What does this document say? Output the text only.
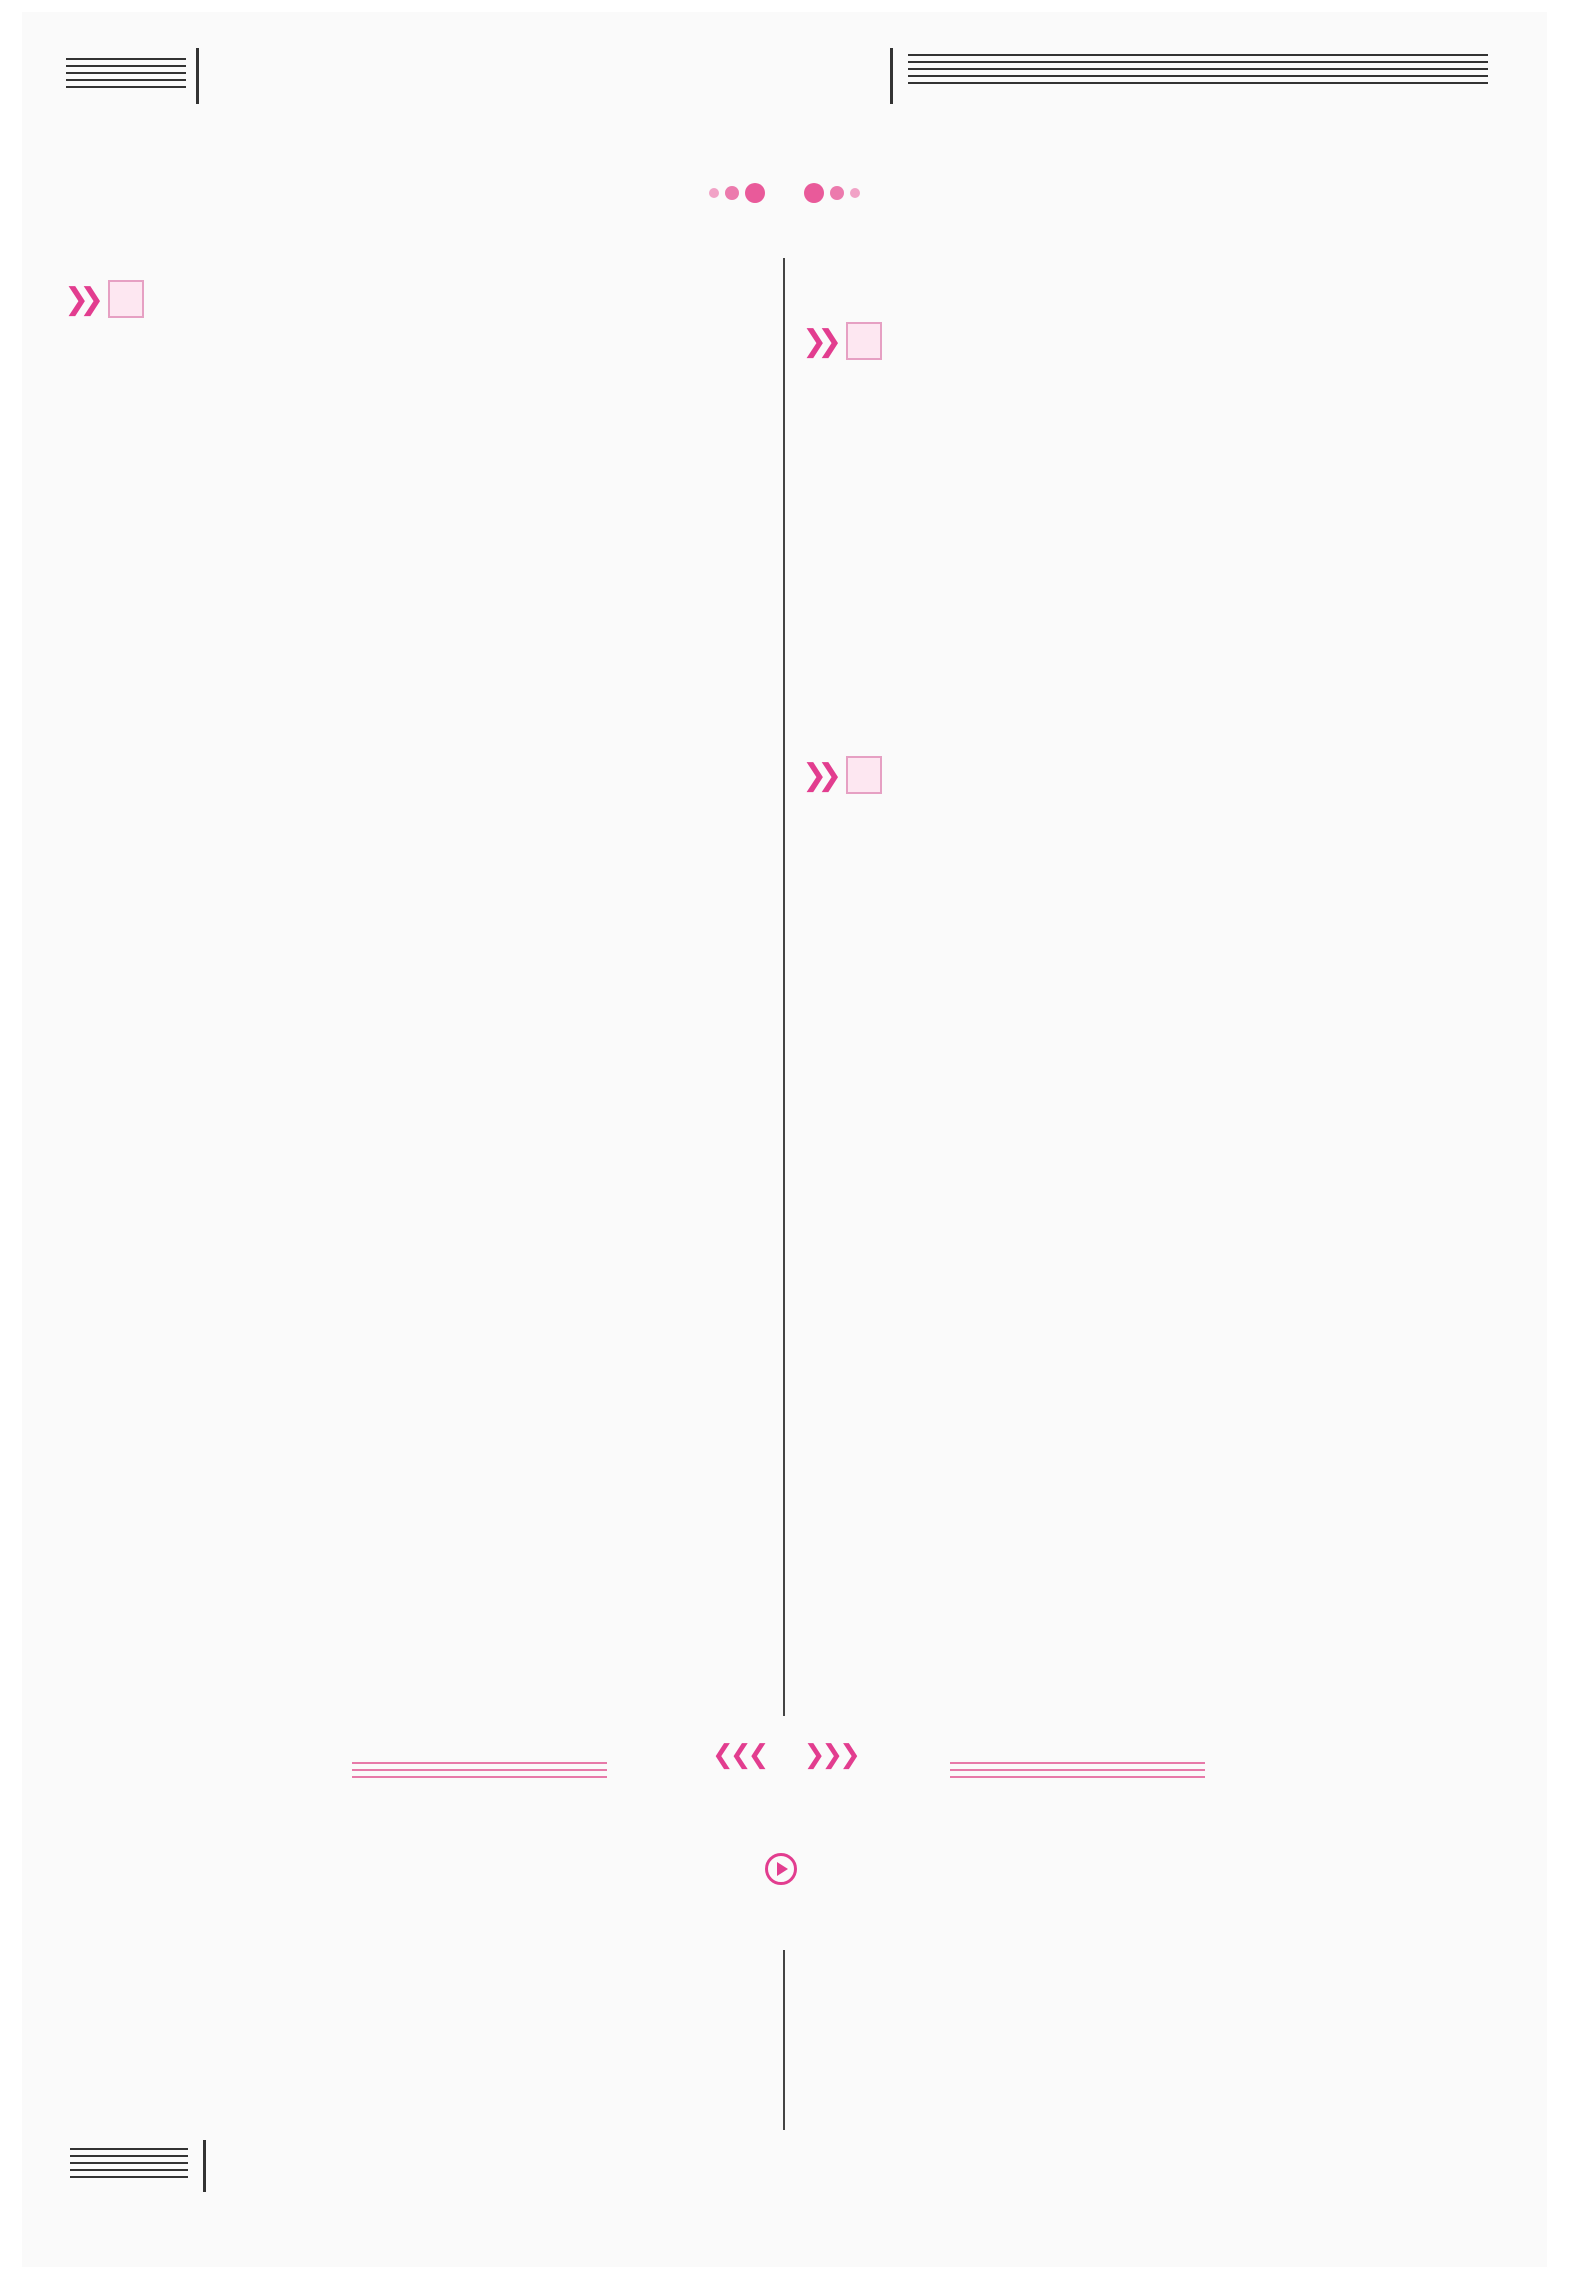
❯❯
❯❯
❯❯
❮❮❮ ❯❯❯
